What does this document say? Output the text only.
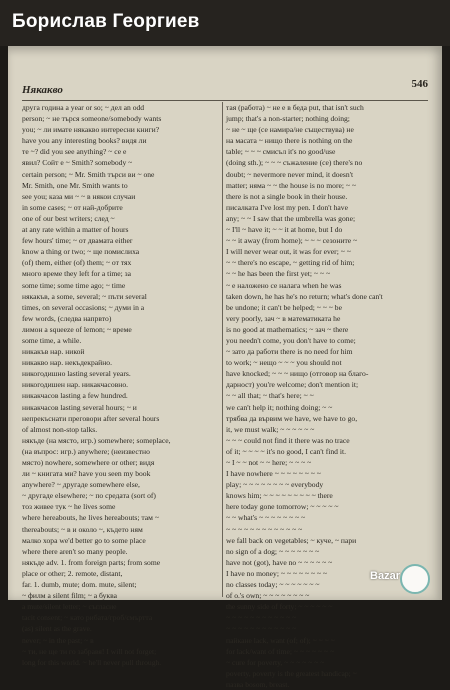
Борислав Георгиев
Някакво	546
друга година a year or so; ~ дел an odd
person; ~ не търся someone/somebody wants
you; ~ ли имате някакво интересни книги?
have you any interesting books? видя ли
те ~? did you see anything? ~ се е
явил? Сойт е ~ Smith? somebody ~
certain person; ~ Mr. Smith търси ви ~ one
Mr. Smith, one Mr. Smith wants to
see you; каза ми ~ ~ в някои случаи
in some cases; ~ от най-добрите
one of our best writers; след ~
at any rate within a matter of hours
few hours' time; ~ от двамата either
know a thing or two; ~ ще помислиха
(of) them, either (of) them; ~ от тях
много време they left for a time; за
some time; some time ago; ~ time
някакъв, a some, several; ~ пъти several
times, on several occasions; ~ думи in a
few words, (следва напрвто)
лимон a squeeze of lemon; ~ време
some time, a while.
никакъв нар. никой
никакво нар. некъдeкрайно.
никогодишно lasting several years.
никогодишен нар. никакчасовно.
никакчасов lasting a few hundred.
никакчасов lasting several hours; ~ и
непрекъснати преговори after several hours
of almost non-stop talks.
някъде (на място, игр.) somewhere; someplace,
(на въпрос: игр.) anywhere; (неизвестно
място) nowhere, somewhere or other; видя
ли ~ книгата ми? have you seen my book
anywhere? ~ другаде somewhere else,
~ другаде elsewhere; ~ по средата (sort of)
тоз живее тук ~ he lives some
where hereabouts, he lives hereabouts; там ~
thereabouts; ~ в и около ~, където ням
малко хора we'd better go to some place
where there aren't so many people.
някъде adv. 1. from foreign parts; from some
place or other; 2. remote, distant,
far. 1. dumb, mute; dom. mute, silent;
~ филм a silent film; ~ а буква
a mute/silent letter; ~ съгласие
tacit consent; ~ като рибата/гроб/смъртта
(as) silent as the grave.
never; ~ in the past; ~ в
~ ти, не ще ти го забравя! I will not forget;
long for this world. ~ he'll never pull through.
тая (работа) ~ не е в беда put, that isn't such
jump; that's a non-starter; nothing doing;
~ не ~ ще (се намира/не съществува) не
на масата ~ нищо there is nothing on the
table; ~ ~ ~ смисъл it's no good/use
(doing sth.); ~ ~ ~ съжаление (ce) there's no
doubt; ~ nevermore never mind, it doesn't
matter; няма ~ ~ the house is no more; ~ ~
there is not a single book in their house.
писалката I've lost my pen. I don't have
any; ~ ~ I saw that the umbrella was gone;
~ I'll ~ have it; ~ ~ it at home, but I do
~ ~ it away (from home); ~ ~ ~ сезоните ~
I will never wear out, it was for ever; ~ ~
~ ~ there's no escape, ~ getting rid of him;
~ ~ he has been the first yet; ~ ~ ~
~ е наложено се налага when he was
taken down, he has he's no return; what's done can't
be undone; it can't be helped; ~ ~ ~ be
very poorly, зач ~ в математиката he
is no good at mathematics; ~ зач ~ there
you needn't come, you don't have to come;
~ зато да работи there is no need for him
to work; ~ нещо ~ ~ ~ you should not
have knocked; ~ ~ ~ нищо (отговор на благо-
дарност) you're welcome; don't mention it;
~ ~ all that; ~ that's here; ~ ~
we can't help it; nothing doing; ~ ~
трябва да вървим we have, we have to go,
it, we must walk; ~ ~ ~ ~ ~ ~
~ ~ ~ could not find it there was no trace
of it; ~ ~ ~ ~ it's no good, I can't find it.
~ I ~ ~ not ~ ~ here; ~ ~ ~ ~
I have nowhere ~ ~ ~ ~ ~ ~ ~ ~
play; ~ ~ ~ ~ ~ ~ ~ ~ everybody
knows him; ~ ~ ~ ~ ~ ~ ~ ~ ~ there
here today gone tomorrow; ~ ~ ~ ~ ~
~ ~ what's ~ ~ ~ ~ ~ ~ ~ ~
~ ~ ~ ~ ~ ~ ~ ~ ~ ~ ~ ~ ~
we fall back on vegetables; ~ кучe, ~ пари
no sign of a dog; ~ ~ ~ ~ ~ ~ ~
have not (got), have no ~ ~ ~ ~ ~ ~
I have no money; ~ ~ ~ ~ ~ ~ ~ ~
no classes today; ~ ~ ~ ~ ~ ~ ~
of o.'s own; ~ ~ ~ ~ ~ ~ ~ ~
the sunny side of forty; ~ ~ ~ ~ ~ ~
~ ~ ~ ~ ~ ~ ~ ~ ~ ~ ~ ~
~ ~ ~ ~ ~ ~ ~ ~ ~ ~ ~ ~
пайкане lack, want (of; of); ~ ~ ~ ~
for lack/want of time; ~ ~ ~ ~ ~ ~ ~
~ cure for poverty, ~ ~ ~ ~ ~ ~ ~
poverty, poverty is the greatest handicap; ~
пазва bosom, breast.
Bazar
